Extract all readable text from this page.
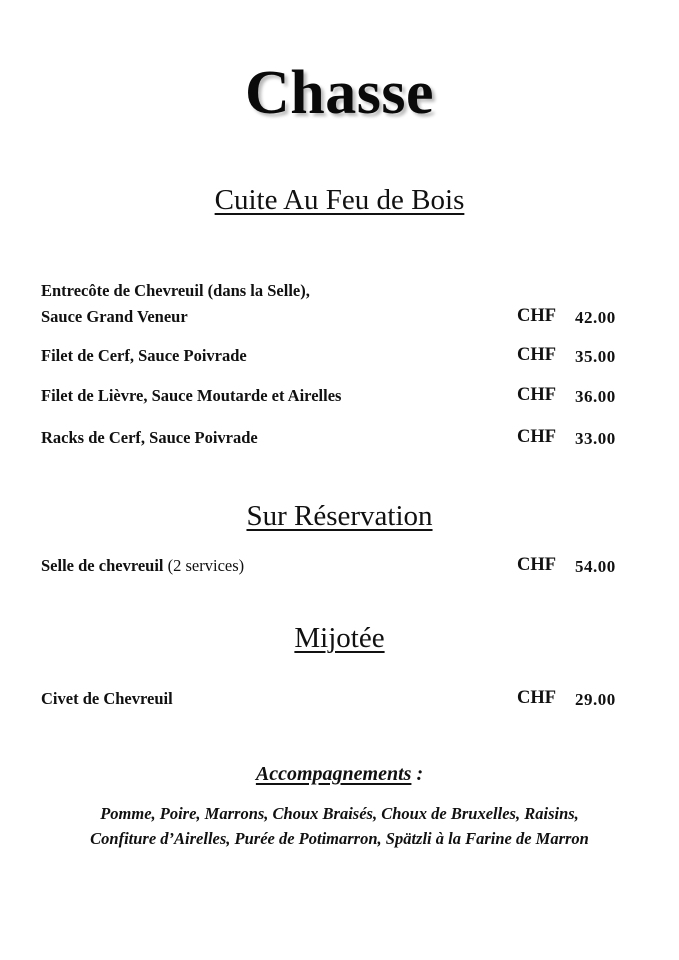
Chasse
Cuite Au Feu de Bois
Entrecôte de Chevreuil (dans la Selle),
Sauce Grand Veneur	CHF 42.00
Filet de Cerf, Sauce Poivrade	CHF 35.00
Filet de Lièvre, Sauce Moutarde et Airelles	CHF 36.00
Racks de Cerf, Sauce Poivrade	CHF 33.00
Sur Réservation
Selle de chevreuil (2 services)	CHF 54.00
Mijotée
Civet de Chevreuil	CHF 29.00
Accompagnements :
Pomme, Poire, Marrons, Choux Braisés, Choux de Bruxelles, Raisins,
Confiture d’Airelles, Purée de Potimarron, Spätzli à la Farine de Marron
